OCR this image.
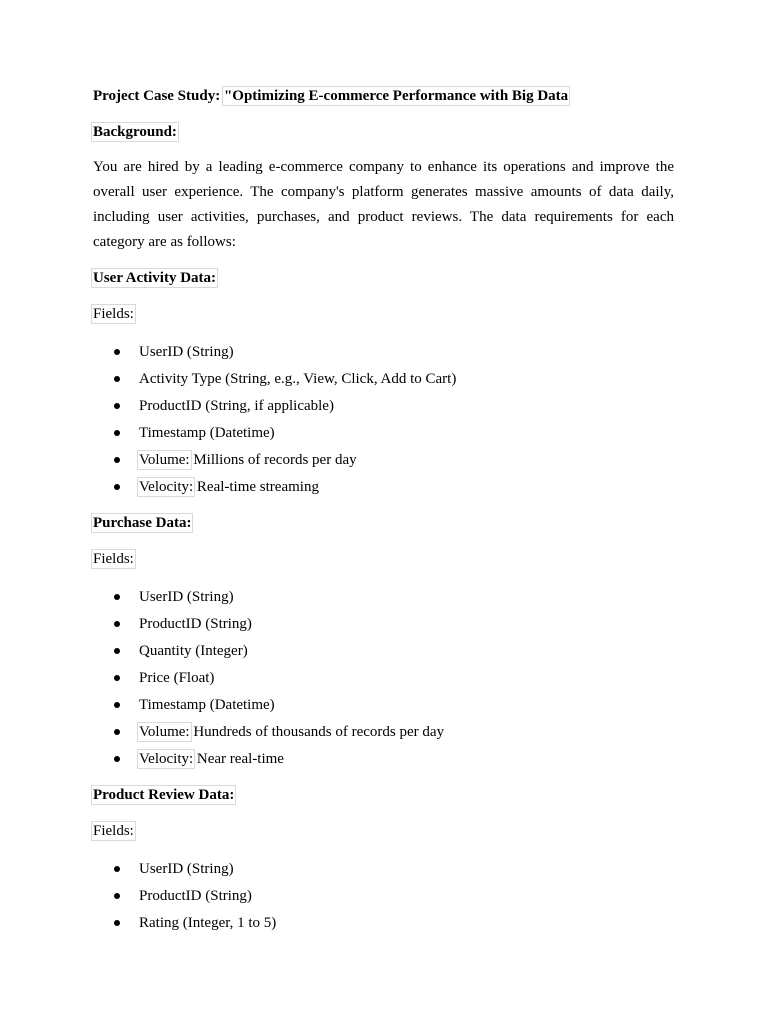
Project Case Study: "Optimizing E-commerce Performance with Big Data

Background:

You are hired by a leading e-commerce company to enhance its operations and improve the overall user experience. The company's platform generates massive amounts of data daily, including user activities, purchases, and product reviews. The data requirements for each category are as follows:

User Activity Data:

Fields:

UserID (String)
Activity Type (String, e.g., View, Click, Add to Cart)
ProductID (String, if applicable)
Timestamp (Datetime)
Volume: Millions of records per day
Velocity: Real-time streaming

Purchase Data:

Fields:

UserID (String)
ProductID (String)
Quantity (Integer)
Price (Float)
Timestamp (Datetime)
Volume: Hundreds of thousands of records per day
Velocity: Near real-time

Product Review Data:

Fields:

UserID (String)
ProductID (String)
Rating (Integer, 1 to 5)
